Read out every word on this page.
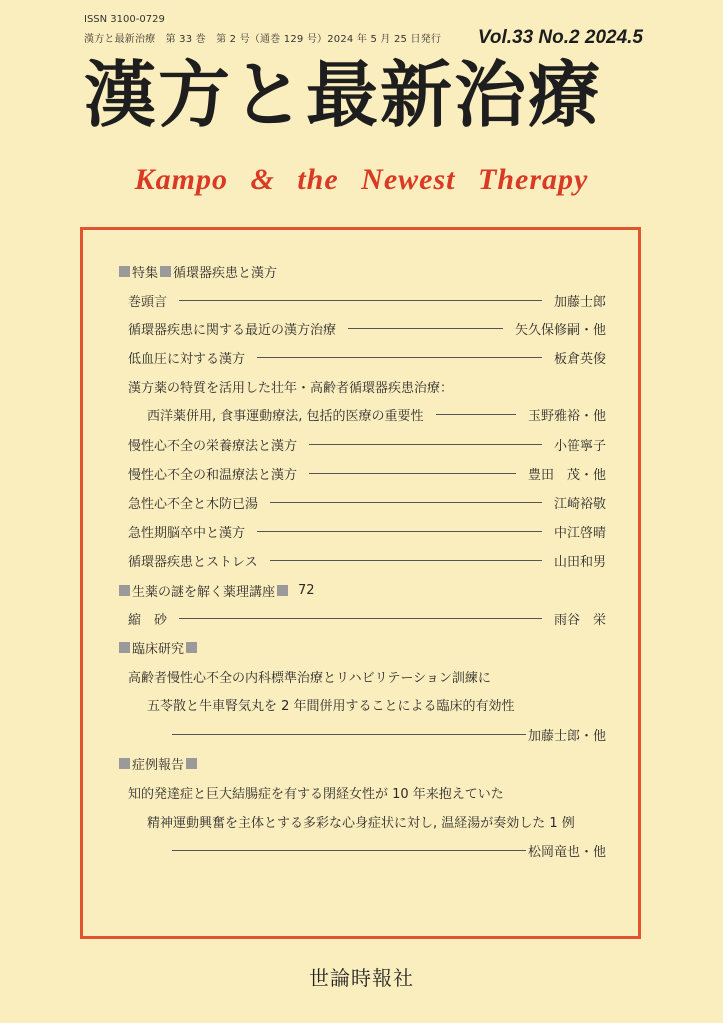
ISSN 3100-0729
漢方と最新治療　第 33 巻　第 2 号（通巻 129 号）2024 年 5 月 25 日発行 Vol.33 No.2 2024.5
漢方と最新治療
Kampo & the Newest Therapy
特集 循環器疾患と漢方
巻頭言	加藤士郎
循環器疾患に関する最近の漢方治療	矢久保修嗣・他
低血圧に対する漢方	板倉英俊
漢方薬の特質を活用した壮年・高齢者循環器疾患治療：
西洋薬併用, 食事運動療法, 包括的医療の重要性	玉野雅裕・他
慢性心不全の栄養療法と漢方	小笹寧子
慢性心不全の和温療法と漢方	豊田　茂・他
急性心不全と木防已湯	江崎裕敬
急性期脳卒中と漢方	中江啓晴
循環器疾患とストレス	山田和男
生薬の謎を解く薬理講座 72
縮　砂	雨谷　栄
臨床研究
高齢者慢性心不全の内科標準治療とリハビリテーション訓練に
五苓散と牛車腎気丸を 2 年間併用することによる臨床的有効性
加藤士郎・他
症例報告
知的発達症と巨大結腸症を有する閉経女性が 10 年来抱えていた
精神運動興奮を主体とする多彩な心身症状に対し, 温経湯が奏効した 1 例
松岡竜也・他
世論時報社
